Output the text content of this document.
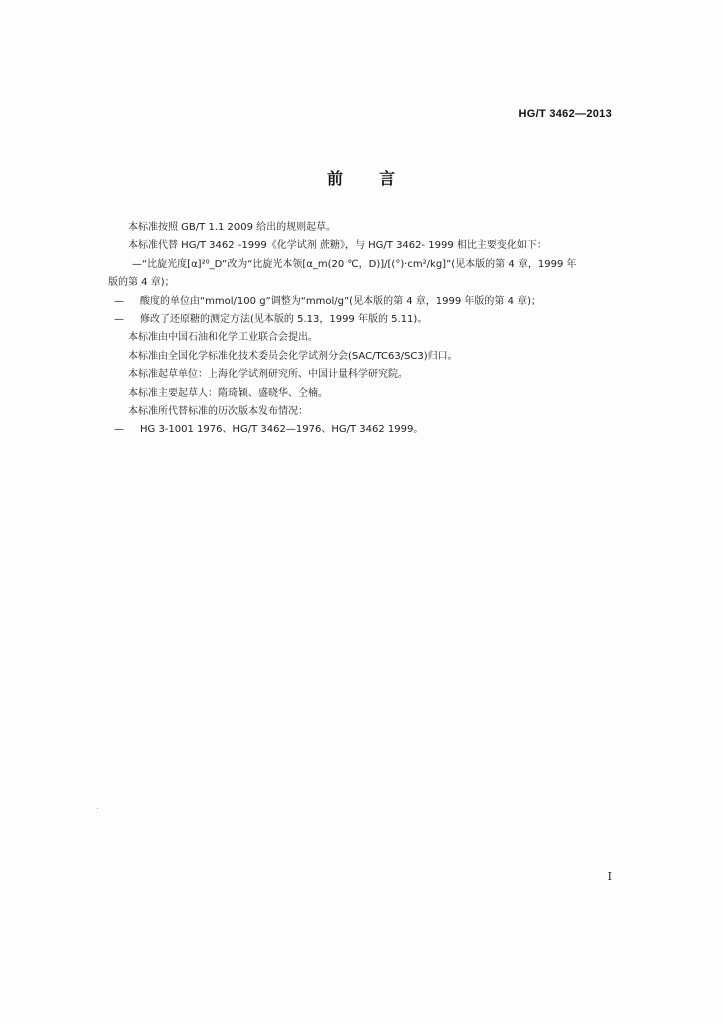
HG/T 3462—2013
前 言
本标准按照 GB/T 1.1 2009 给出的规则起草。
本标准代替 HG/T 3462 -1999《化学试剂 蔗糖》，与 HG/T 3462- 1999 相比主要变化如下：
—“比旋光度[α]²⁰_D”改为“比旋光本领[α_m(20 ℃，D)]/[(°)·cm²/kg]”(见本版的第 4 章，1999 年
版的第 4 章)；
— 酸度的单位由“mmol/100 g”调整为“mmol/g”(见本版的第 4 章，1999 年版的第 4 章)；
— 修改了还原糖的测定方法(见本版的 5.13，1999 年版的 5.11)。
本标准由中国石油和化学工业联合会提出。
本标准由全国化学标准化技术委员会化学试剂分会(SAC/TC63/SC3)归口。
本标准起草单位：上海化学试剂研究所、中国计量科学研究院。
本标准主要起草人：隋琦颖、盛晓华、仝楠。
本标准所代替标准的历次版本发布情况：
— HG 3-1001 1976、HG/T 3462—1976、HG/T 3462 1999。
I
